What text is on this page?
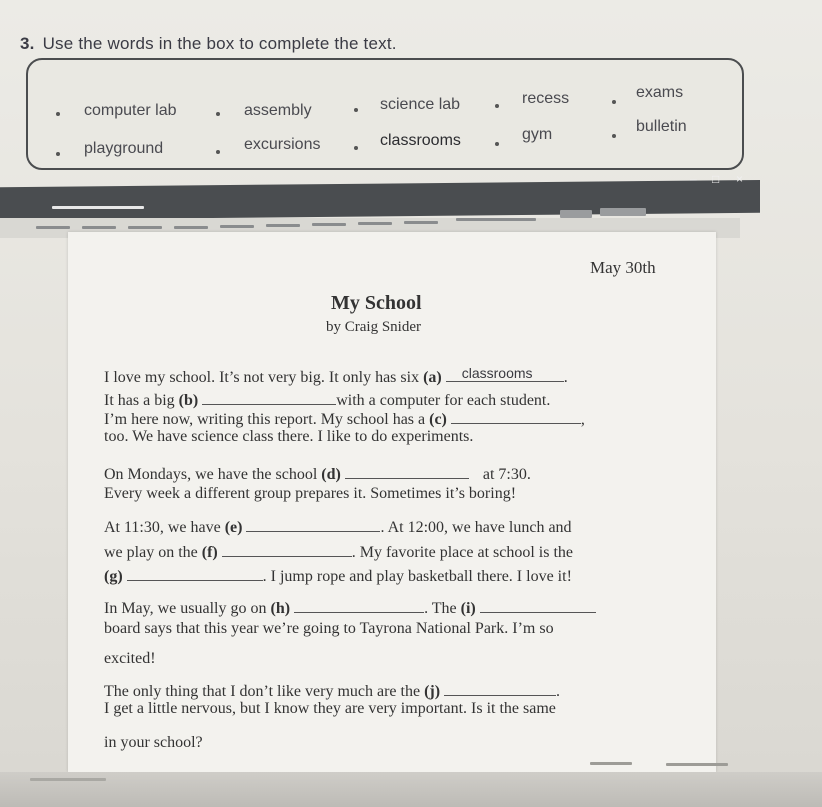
3. Use the words in the box to complete the text.
computer lab	assembly	science lab	recess	exams
playground	excursions	classrooms	gym	bulletin
– □ ×
May 30th
My School
by Craig Snider
I love my school. It’s not very big. It only has six (a) classrooms .
It has a big (b)	with a computer for each student.
I’m here now, writing this report. My school has a (c)	,
too. We have science class there. I like to do experiments.
On Mondays, we have the school (d)	at 7:30.
Every week a different group prepares it. Sometimes it’s boring!
At 11:30, we have (e)	. At 12:00, we have lunch and
we play on the (f)	. My favorite place at school is the
(g)	. I jump rope and play basketball there. I love it!
In May, we usually go on (h)	. The (i)
board says that this year we’re going to Tayrona National Park. I’m so
excited!
The only thing that I don’t like very much are the (j)	.
I get a little nervous, but I know they are very important. Is it the same
in your school?
